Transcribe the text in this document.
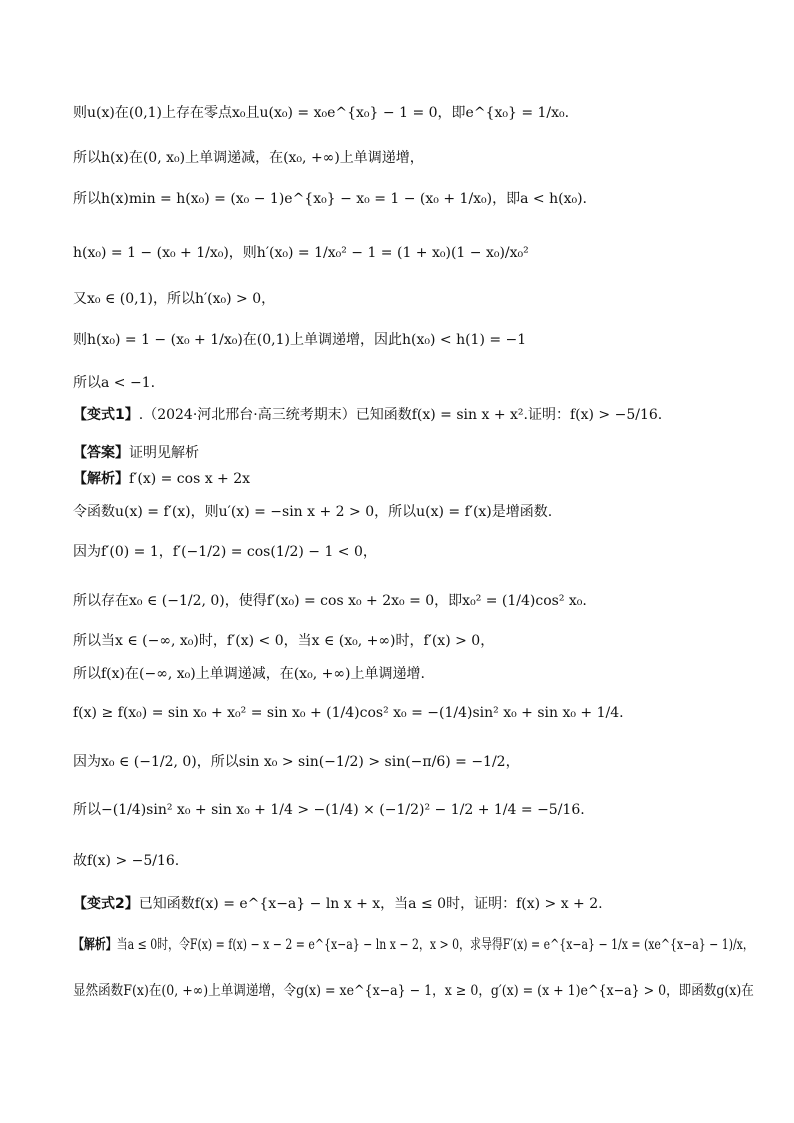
则u(x)在(0,1)上存在零点x₀且u(x₀) = x₀e^{x₀} − 1 = 0，即e^{x₀} = 1/x₀.
所以h(x)在(0, x₀)上单调递减，在(x₀, +∞)上单调递增，
所以h(x)min = h(x₀) = (x₀ − 1)e^{x₀} − x₀ = 1 − (x₀ + 1/x₀)，即a < h(x₀).
h(x₀) = 1 − (x₀ + 1/x₀)，则h′(x₀) = 1/x₀² − 1 = (1 + x₀)(1 − x₀)/x₀²
又x₀ ∈ (0,1)，所以h′(x₀) > 0，
则h(x₀) = 1 − (x₀ + 1/x₀)在(0,1)上单调递增，因此h(x₀) < h(1) = −1
所以a < −1.
【变式1】.（2024·河北邢台·高三统考期末）已知函数f(x) = sin x + x².证明：f(x) > −5/16.
【答案】证明见解析
【解析】f′(x) = cos x + 2x
令函数u(x) = f′(x)，则u′(x) = −sin x + 2 > 0，所以u(x) = f′(x)是增函数.
因为f′(0) = 1，f′(−1/2) = cos(1/2) − 1 < 0，
所以存在x₀ ∈ (−1/2, 0)，使得f′(x₀) = cos x₀ + 2x₀ = 0，即x₀² = (1/4)cos² x₀.
所以当x ∈ (−∞, x₀)时，f′(x) < 0，当x ∈ (x₀, +∞)时，f′(x) > 0，
所以f(x)在(−∞, x₀)上单调递减，在(x₀, +∞)上单调递增.
f(x) ≥ f(x₀) = sin x₀ + x₀² = sin x₀ + (1/4)cos² x₀ = −(1/4)sin² x₀ + sin x₀ + 1/4.
因为x₀ ∈ (−1/2, 0)，所以sin x₀ > sin(−1/2) > sin(−π/6) = −1/2，
所以−(1/4)sin² x₀ + sin x₀ + 1/4 > −(1/4) × (−1/2)² − 1/2 + 1/4 = −5/16.
故f(x) > −5/16.
【变式2】已知函数f(x) = e^{x−a} − ln x + x，当a ≤ 0时，证明：f(x) > x + 2.
【解析】当a ≤ 0时，令F(x) = f(x) − x − 2 = e^{x−a} − ln x − 2，x > 0，求导得F′(x) = e^{x−a} − 1/x = (xe^{x−a} − 1)/x，
显然函数F(x)在(0, +∞)上单调递增，令g(x) = xe^{x−a} − 1，x ≥ 0，g′(x) = (x + 1)e^{x−a} > 0，即函数g(x)在
